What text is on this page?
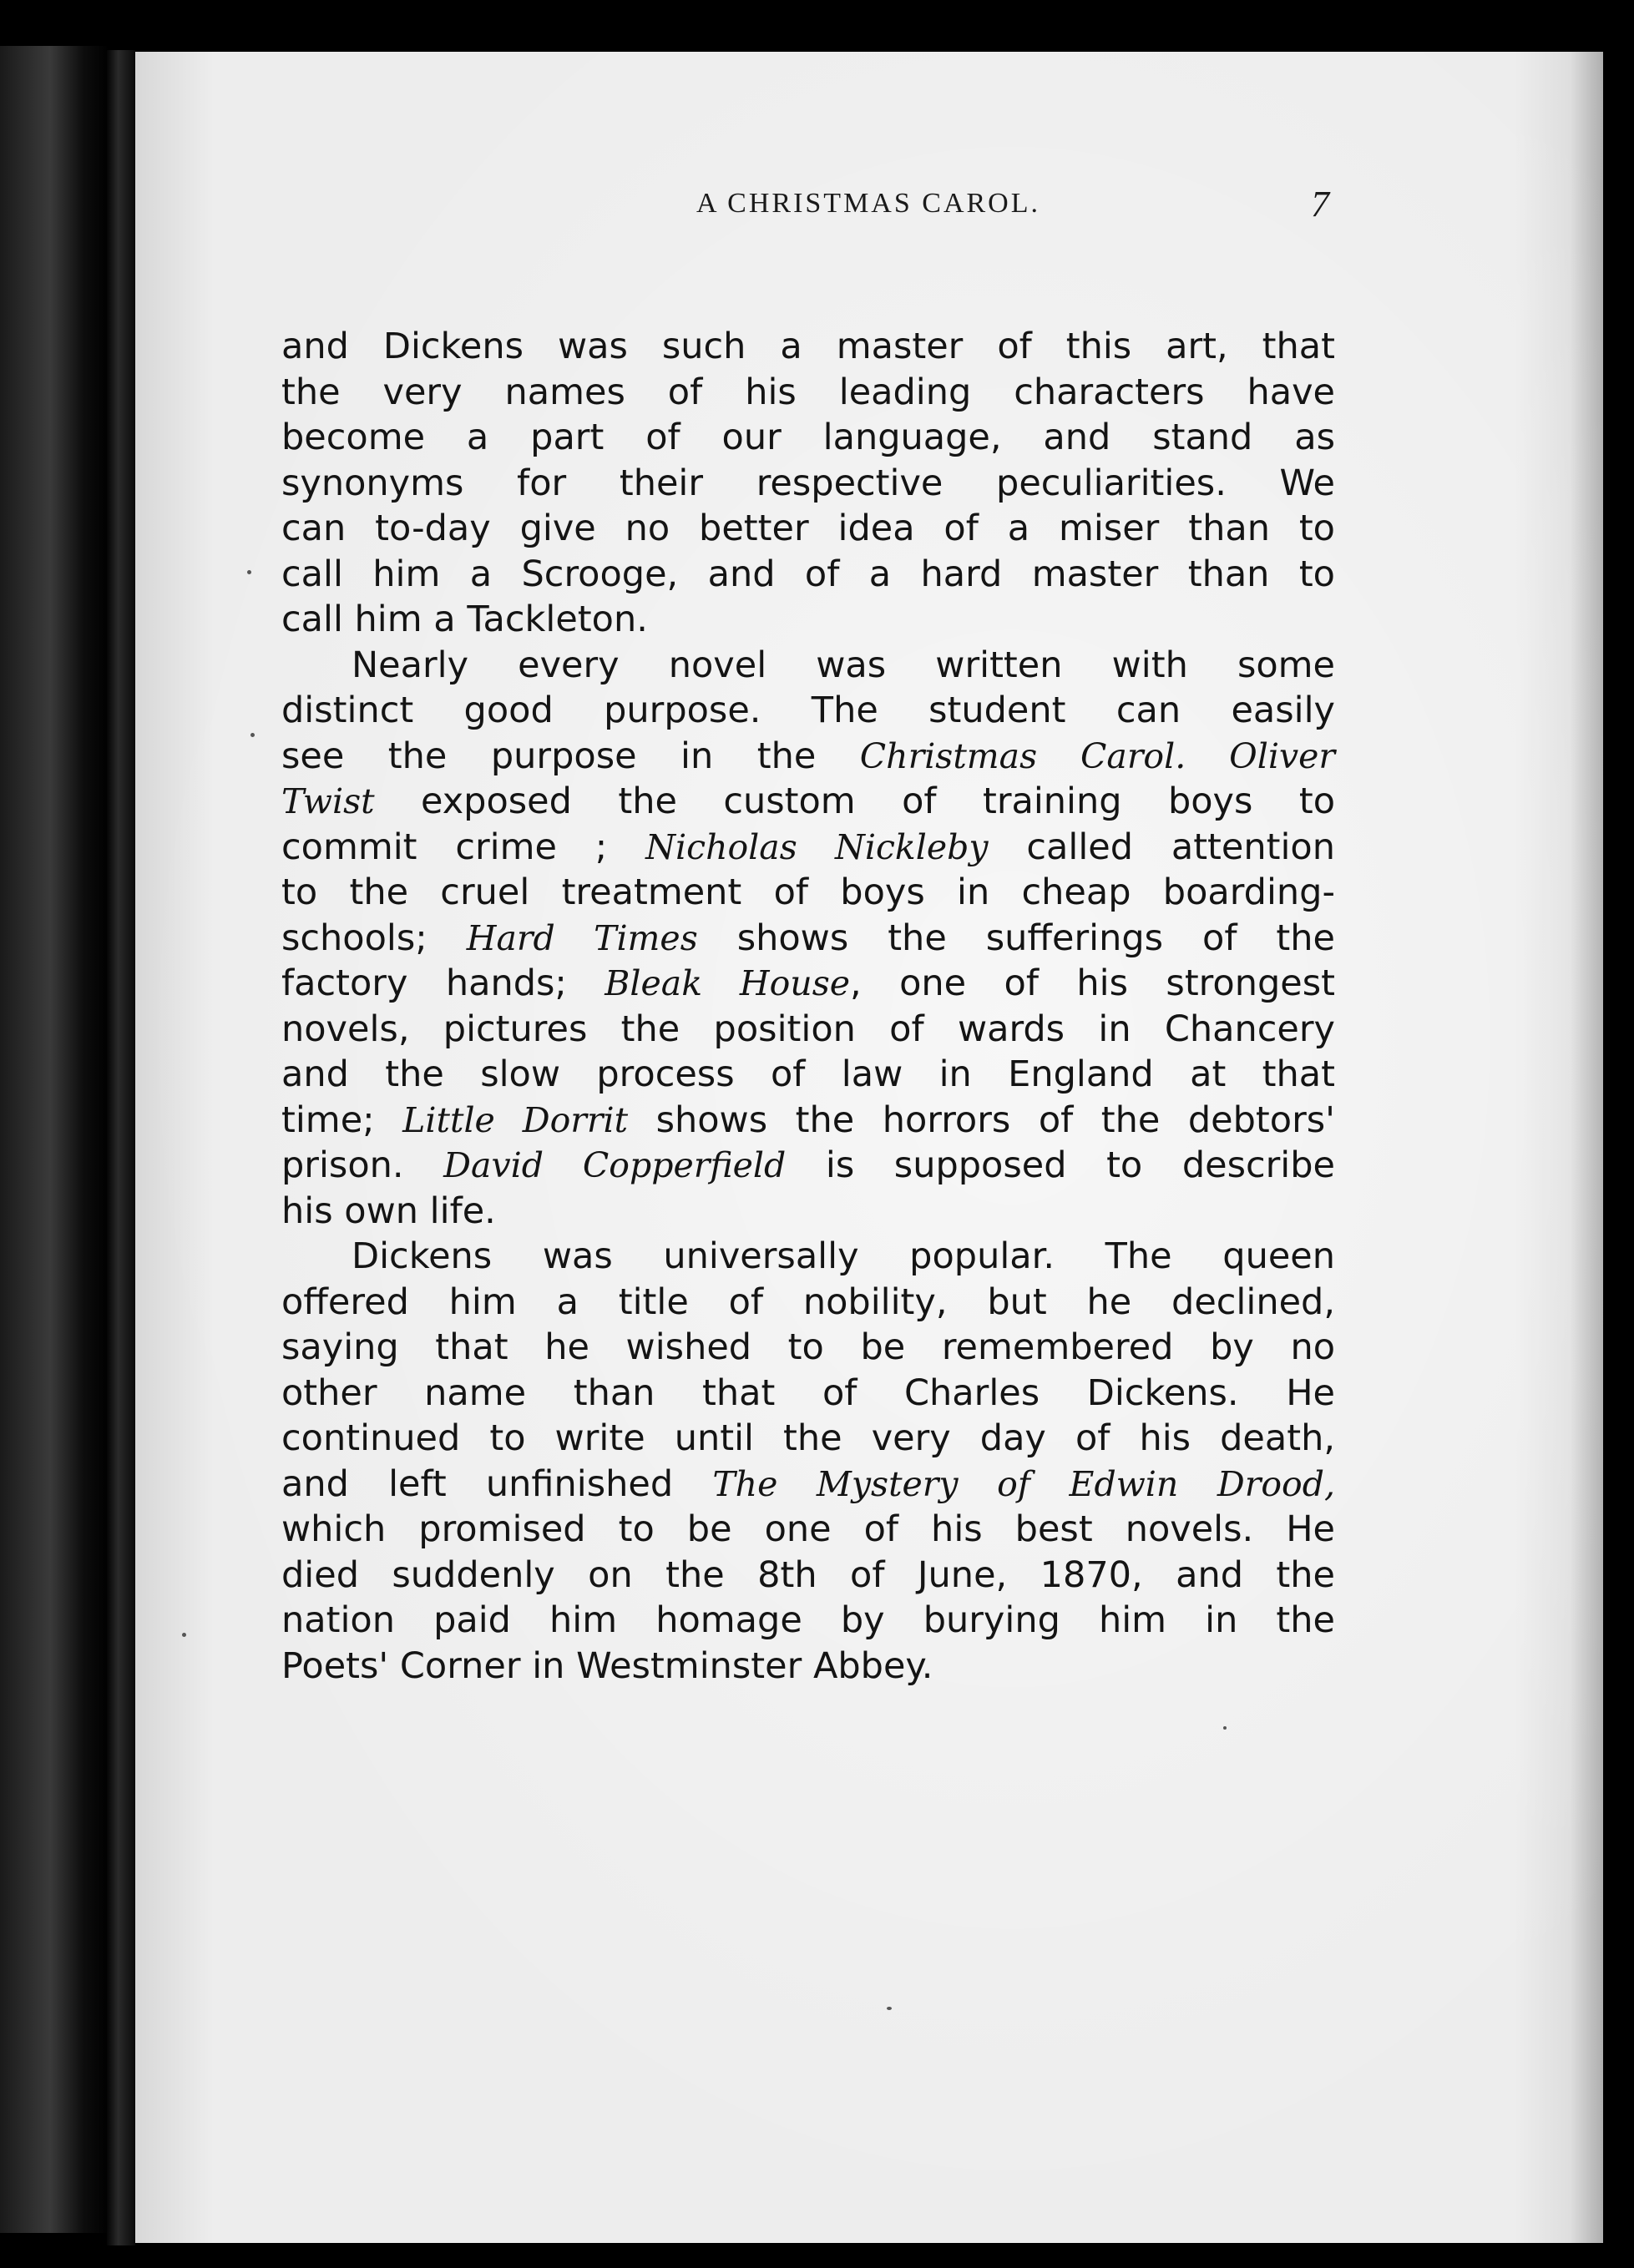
A CHRISTMAS CAROL.	7
and Dickens was such a master of this art, that
the very names of his leading characters have
become a part of our language, and stand as
synonyms for their respective peculiarities. We
can to-day give no better idea of a miser than to
call him a Scrooge, and of a hard master than to
call him a Tackleton.
Nearly every novel was written with some
distinct good purpose. The student can easily
see the purpose in the Christmas Carol. Oliver
Twist exposed the custom of training boys to
commit crime ; Nicholas Nickleby called attention
to the cruel treatment of boys in cheap boarding-
schools; Hard Times shows the sufferings of the
factory hands; Bleak House, one of his strongest
novels, pictures the position of wards in Chancery
and the slow process of law in England at that
time; Little Dorrit shows the horrors of the debtors'
prison. David Copperfield is supposed to describe
his own life.
Dickens was universally popular. The queen
offered him a title of nobility, but he declined,
saying that he wished to be remembered by no
other name than that of Charles Dickens. He
continued to write until the very day of his death,
and left unfinished The Mystery of Edwin Drood,
which promised to be one of his best novels. He
died suddenly on the 8th of June, 1870, and the
nation paid him homage by burying him in the
Poets' Corner in Westminster Abbey.
